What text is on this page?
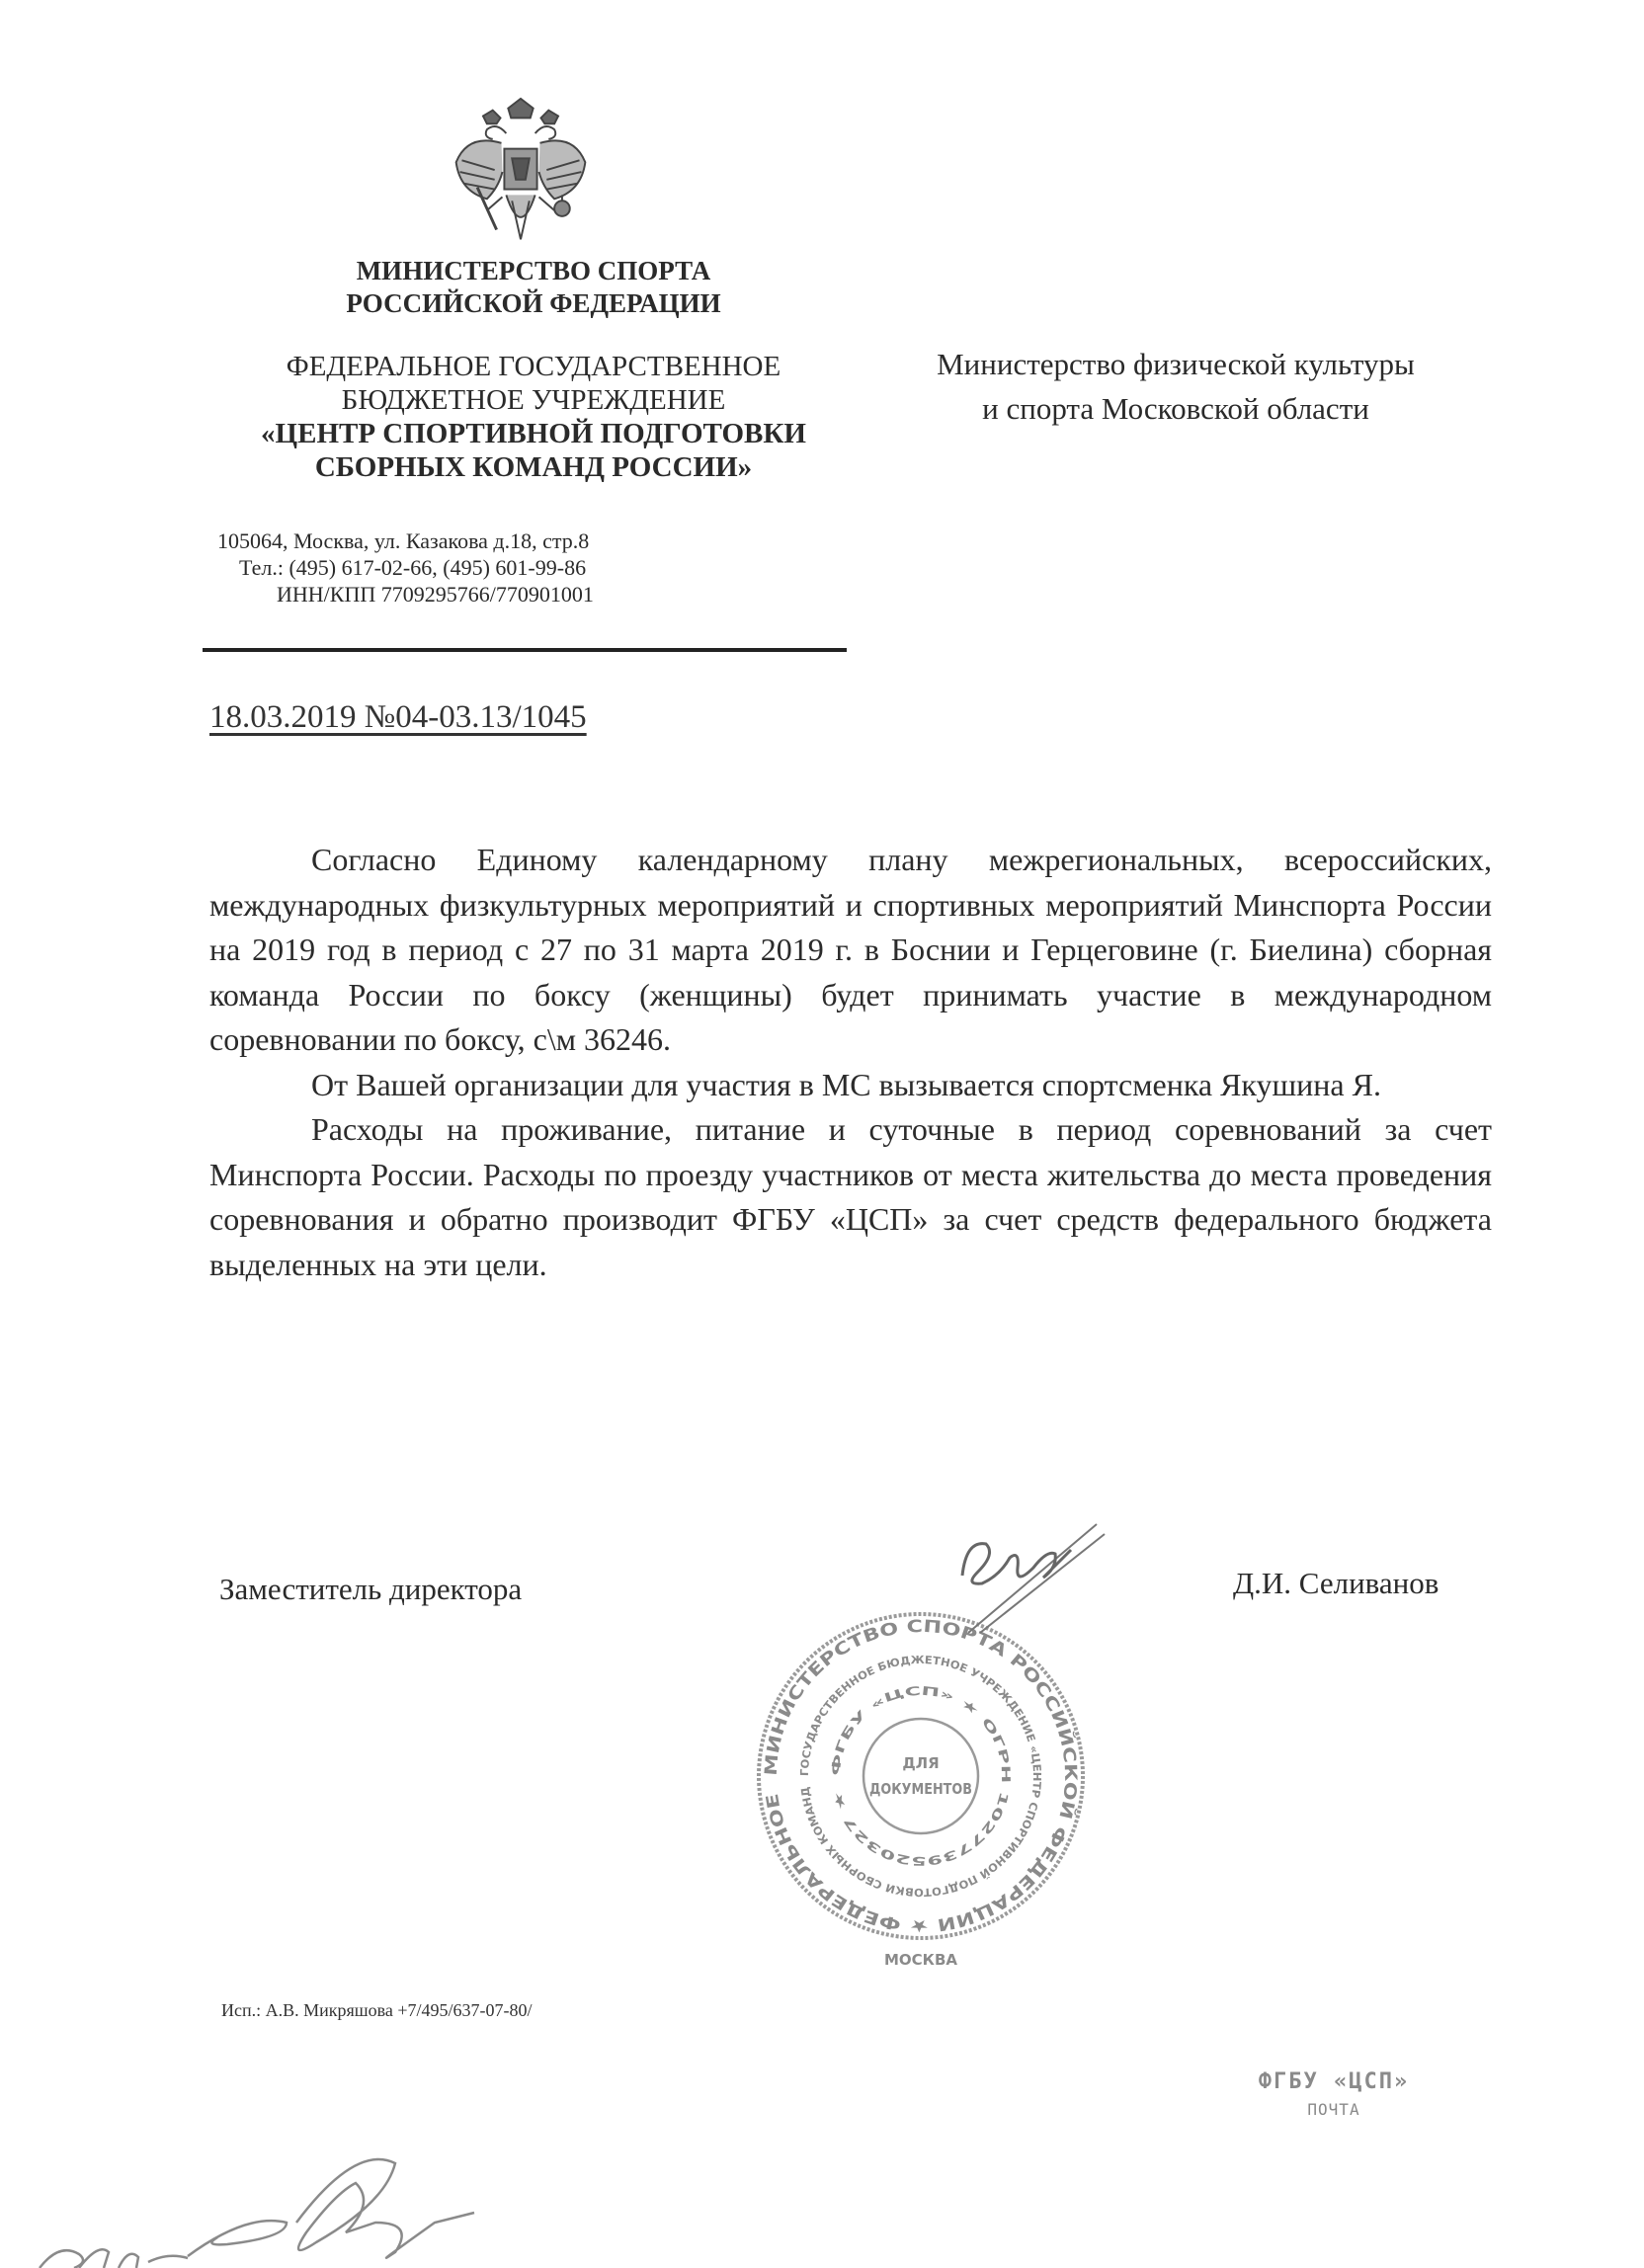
МИНИСТЕРСТВО СПОРТА
РОССИЙСКОЙ ФЕДЕРАЦИИ
ФЕДЕРАЛЬНОЕ ГОСУДАРСТВЕННОЕ
БЮДЖЕТНОЕ УЧРЕЖДЕНИЕ
«ЦЕНТР СПОРТИВНОЙ ПОДГОТОВКИ
СБОРНЫХ КОМАНД РОССИИ»
105064, Москва, ул. Казакова д.18, стр.8
Тел.: (495) 617-02-66, (495) 601-99-86
ИНН/КПП 7709295766/770901001
18.03.2019 №04-03.13/1045
Министерство физической культуры
и спорта Московской области

Согласно Единому календарному плану межрегиональных, всероссийских, международных физкультурных мероприятий и спортивных мероприятий Минспорта России на 2019 год в период с 27 по 31 марта 2019 г. в Боснии и Герцеговине (г. Биелина) сборная команда России по боксу (женщины) будет принимать участие в международном соревновании по боксу, с\м 36246.

От Вашей организации для участия в МС вызывается спортсменка Якушина Я.

Расходы на проживание, питание и суточные в период соревнований за счет Минспорта России. Расходы по проезду участников от места жительства до места проведения соревнования и обратно производит ФГБУ «ЦСП» за счет средств федерального бюджета выделенных на эти цели.

Заместитель директора	Д.И. Селиванов
МИНИСТЕРСТВО СПОРТА РОССИЙСКОЙ ФЕДЕРАЦИИ ★ ФЕДЕРАЛЬНОЕ
ГОСУДАРСТВЕННОЕ БЮДЖЕТНОЕ УЧРЕЖДЕНИЕ «ЦЕНТР СПОРТИВНОЙ ПОДГОТОВКИ СБОРНЫХ КОМАНД
ФГБУ «ЦСП» ★ ОГРН 1027739520327 ★
ДЛЯ
ДОКУМЕНТОВ
МОСКВА
Исп.: А.В. Микряшова +7/495/637-07-80/
ФГБУ «ЦСП»
ПОЧТА
